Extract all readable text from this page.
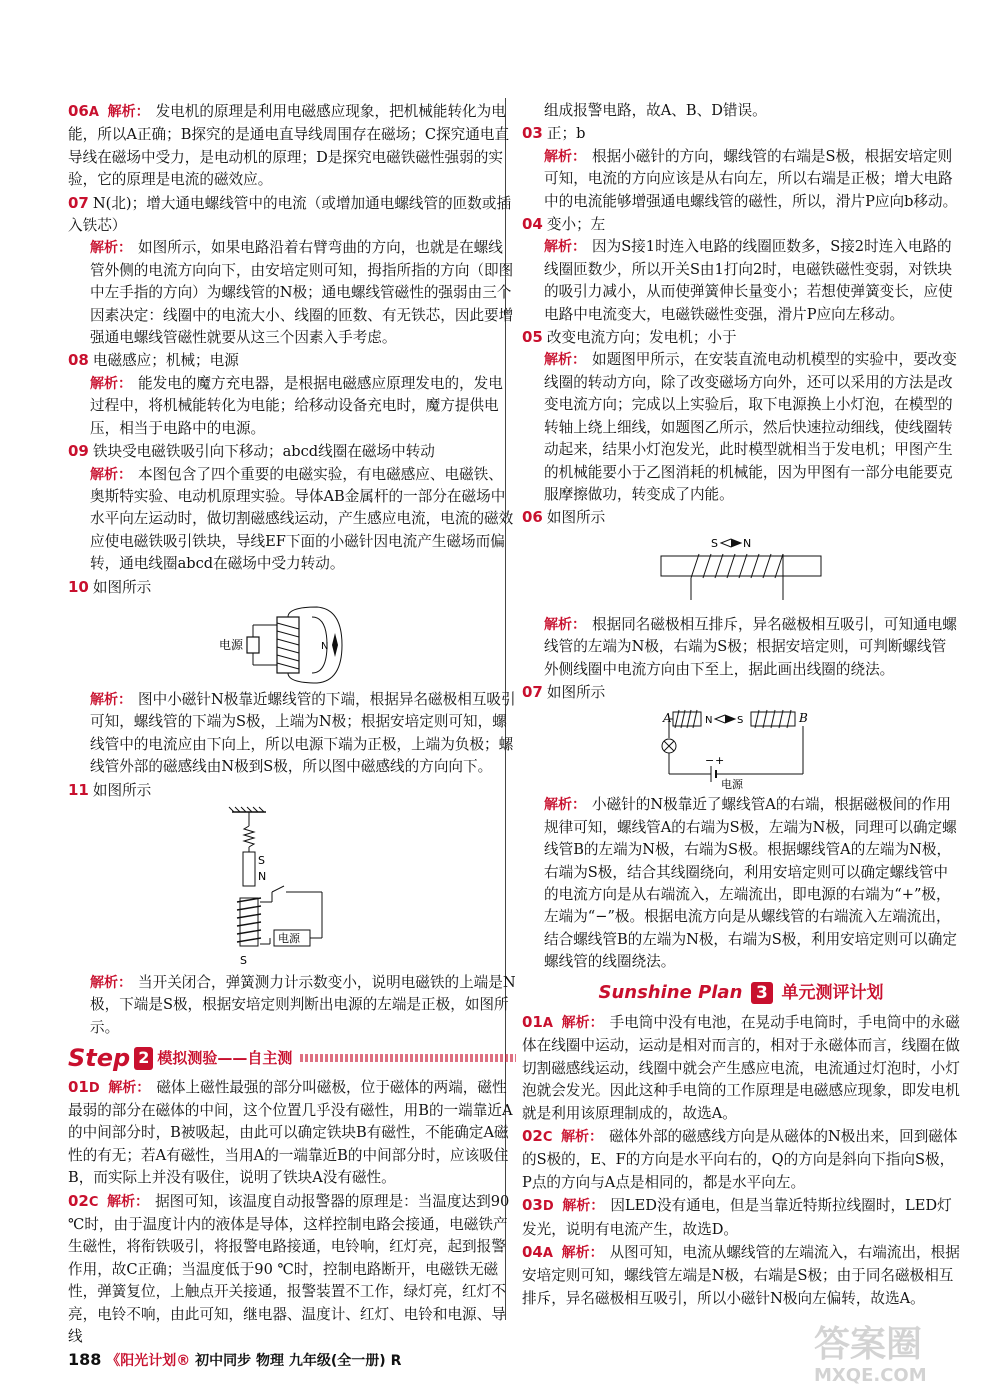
06A 解析： 发电机的原理是利用电磁感应现象，把机械能转化为电能，所以A正确；B探究的是通电直导线周围存在磁场；C探究通电直导线在磁场中受力，是电动机的原理；D是探究电磁铁磁性强弱的实验，它的原理是电流的磁效应。
07 N(北)；增大通电螺线管中的电流（或增加通电螺线管的匝数或插入铁芯）
解析： 如图所示，如果电路沿着右臂弯曲的方向，也就是在螺线管外侧的电流方向向下，由安培定则可知，拇指所指的方向（即图中左手指的方向）为螺线管的N极；通电螺线管磁性的强弱由三个因素决定：线圈中的电流大小、线圈的匝数、有无铁芯，因此要增强通电螺线管磁性就要从这三个因素入手考虑。
08 电磁感应；机械；电源
解析： 能发电的魔方充电器，是根据电磁感应原理发电的，发电过程中，将机械能转化为电能；给移动设备充电时，魔方提供电压，相当于电路中的电源。
09 铁块受电磁铁吸引向下移动；abcd线圈在磁场中转动
解析： 本图包含了四个重要的电磁实验，有电磁感应、电磁铁、奥斯特实验、电动机原理实验。导体AB金属杆的一部分在磁场中水平向左运动时，做切割磁感线运动，产生感应电流，电流的磁效应使电磁铁吸引铁块，导线EF下面的小磁针因电流产生磁场而偏转，通电线圈abcd在磁场中受力转动。
10 如图所示
电源	N
解析： 图中小磁针N极靠近螺线管的下端，根据异名磁极相互吸引可知，螺线管的下端为S极，上端为N极；根据安培定则可知，螺线管中的电流应由下向上，所以电源下端为正极，上端为负极；螺线管外部的磁感线由N极到S极，所以图中磁感线的方向向下。
11 如图所示
S
N
电源
S
解析： 当开关闭合，弹簧测力计示数变小，说明电磁铁的上端是N极，下端是S极，根据安培定则判断出电源的左端是正极，如图所示。
Step 2 模拟测验——自主测
01D 解析： 磁体上磁性最强的部分叫磁极，位于磁体的两端，磁性最弱的部分在磁体的中间，这个位置几乎没有磁性，用B的一端靠近A的中间部分时，B被吸起，由此可以确定铁块B有磁性，不能确定A磁性的有无；若A有磁性，当用A的一端靠近B的中间部分时，应该吸住B，而实际上并没有吸住，说明了铁块A没有磁性。
02C 解析： 据图可知，该温度自动报警器的原理是：当温度达到90 ℃时，由于温度计内的液体是导体，这样控制电路会接通，电磁铁产生磁性，将衔铁吸引，将报警电路接通，电铃响，红灯亮，起到报警作用，故C正确；当温度低于90 ℃时，控制电路断开，电磁铁无磁性，弹簧复位，上触点开关接通，报警装置不工作，绿灯亮，红灯不亮，电铃不响，由此可知，继电器、温度计、红灯、电铃和电源、导线
组成报警电路，故A、B、D错误。
03 正；b
解析： 根据小磁针的方向，螺线管的右端是S极，根据安培定则可知，电流的方向应该是从右向左，所以右端是正极；增大电路中的电流能够增强通电螺线管的磁性，所以，滑片P应向b移动。
04 变小；左
解析： 因为S接1时连入电路的线圈匝数多，S接2时连入电路的线圈匝数少，所以开关S由1打向2时，电磁铁磁性变弱，对铁块的吸引力减小，从而使弹簧伸长量变小；若想使弹簧变长，应使电路中电流变大，电磁铁磁性变强，滑片P应向左移动。
05 改变电流方向；发电机；小于
解析： 如题图甲所示，在安装直流电动机模型的实验中，要改变线圈的转动方向，除了改变磁场方向外，还可以采用的方法是改变电流方向；完成以上实验后，取下电源换上小灯泡，在模型的转轴上绕上细线，如题图乙所示，然后快速拉动细线，使线圈转动起来，结果小灯泡发光，此时模型就相当于发电机；甲图产生的机械能要小于乙图消耗的机械能，因为甲图有一部分电能要克服摩擦做功，转变成了内能。
06 如图所示
S N
解析： 根据同名磁极相互排斥，异名磁极相互吸引，可知通电螺线管的左端为N极，右端为S极；根据安培定则，可判断螺线管外侧线圈中电流方向由下至上，据此画出线圈的绕法。
07 如图所示
A	N S	B
− +
电源
解析： 小磁针的N极靠近了螺线管A的右端，根据磁极间的作用规律可知，螺线管A的右端为S极，左端为N极，同理可以确定螺线管B的左端为N极，右端为S极。根据螺线管A的左端为N极，右端为S极，结合其线圈绕向，利用安培定则可以确定螺线管中的电流方向是从右端流入，左端流出，即电源的右端为“+”极，左端为“−”极。根据电流方向是从螺线管的右端流入左端流出，结合螺线管B的左端为N极，右端为S极，利用安培定则可以确定螺线管的线圈绕法。
Sunshine Plan 3 单元测评计划
01A 解析： 手电筒中没有电池，在晃动手电筒时，手电筒中的永磁体在线圈中运动，运动是相对而言的，相对于永磁体而言，线圈在做切割磁感线运动，线圈中就会产生感应电流，电流通过灯泡时，小灯泡就会发光。因此这种手电筒的工作原理是电磁感应现象，即发电机就是利用该原理制成的，故选A。
02C 解析： 磁体外部的磁感线方向是从磁体的N极出来，回到磁体的S极的，E、F的方向是水平向右的，Q的方向是斜向下指向S极，P点的方向与A点是相同的，都是水平向左。
03D 解析： 因LED没有通电，但是当靠近特斯拉线圈时，LED灯发光，说明有电流产生，故选D。
04A 解析： 从图可知，电流从螺线管的左端流入，右端流出，根据安培定则可知，螺线管左端是N极，右端是S极；由于同名磁极相互排斥，异名磁极相互吸引，所以小磁针N极向左偏转，故选A。
188 《阳光计划® 初中同步 物理 九年级(全一册) R	答案圈
MXQE.COM
